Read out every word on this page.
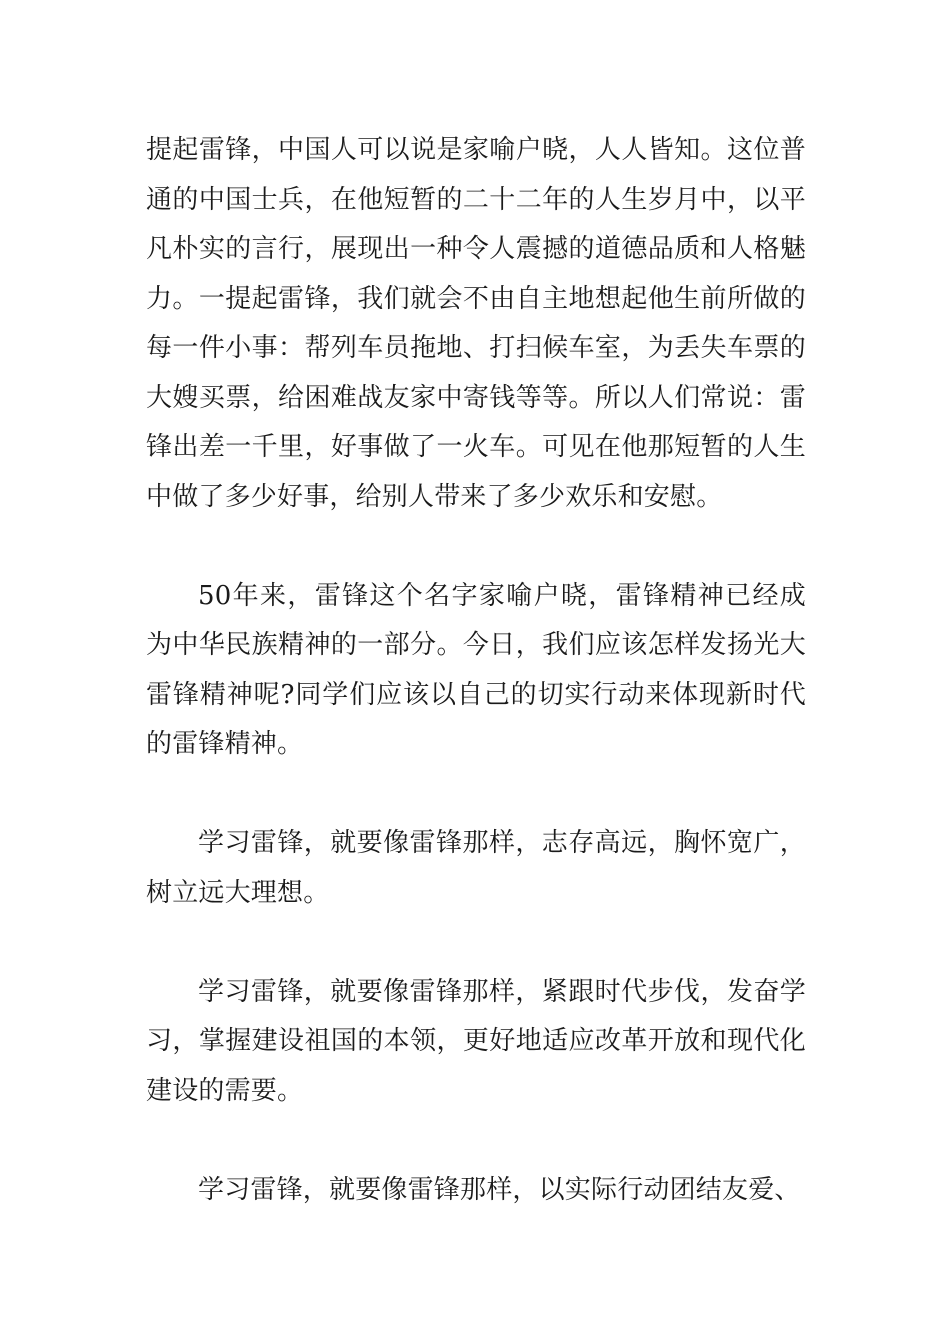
提起雷锋，中国人可以说是家喻户晓，人人皆知。这位普通的中国士兵，在他短暂的二十二年的人生岁月中，以平凡朴实的言行，展现出一种令人震撼的道德品质和人格魅力。一提起雷锋，我们就会不由自主地想起他生前所做的每一件小事：帮列车员拖地、打扫候车室，为丢失车票的大嫂买票，给困难战友家中寄钱等等。所以人们常说：雷锋出差一千里，好事做了一火车。可见在他那短暂的人生中做了多少好事，给别人带来了多少欢乐和安慰。

50年来，雷锋这个名字家喻户晓，雷锋精神已经成为中华民族精神的一部分。今日，我们应该怎样发扬光大雷锋精神呢?同学们应该以自己的切实行动来体现新时代的雷锋精神。

学习雷锋，就要像雷锋那样，志存高远，胸怀宽广，树立远大理想。

学习雷锋，就要像雷锋那样，紧跟时代步伐，发奋学习，掌握建设祖国的本领，更好地适应改革开放和现代化建设的需要。

学习雷锋，就要像雷锋那样，以实际行动团结友爱、
